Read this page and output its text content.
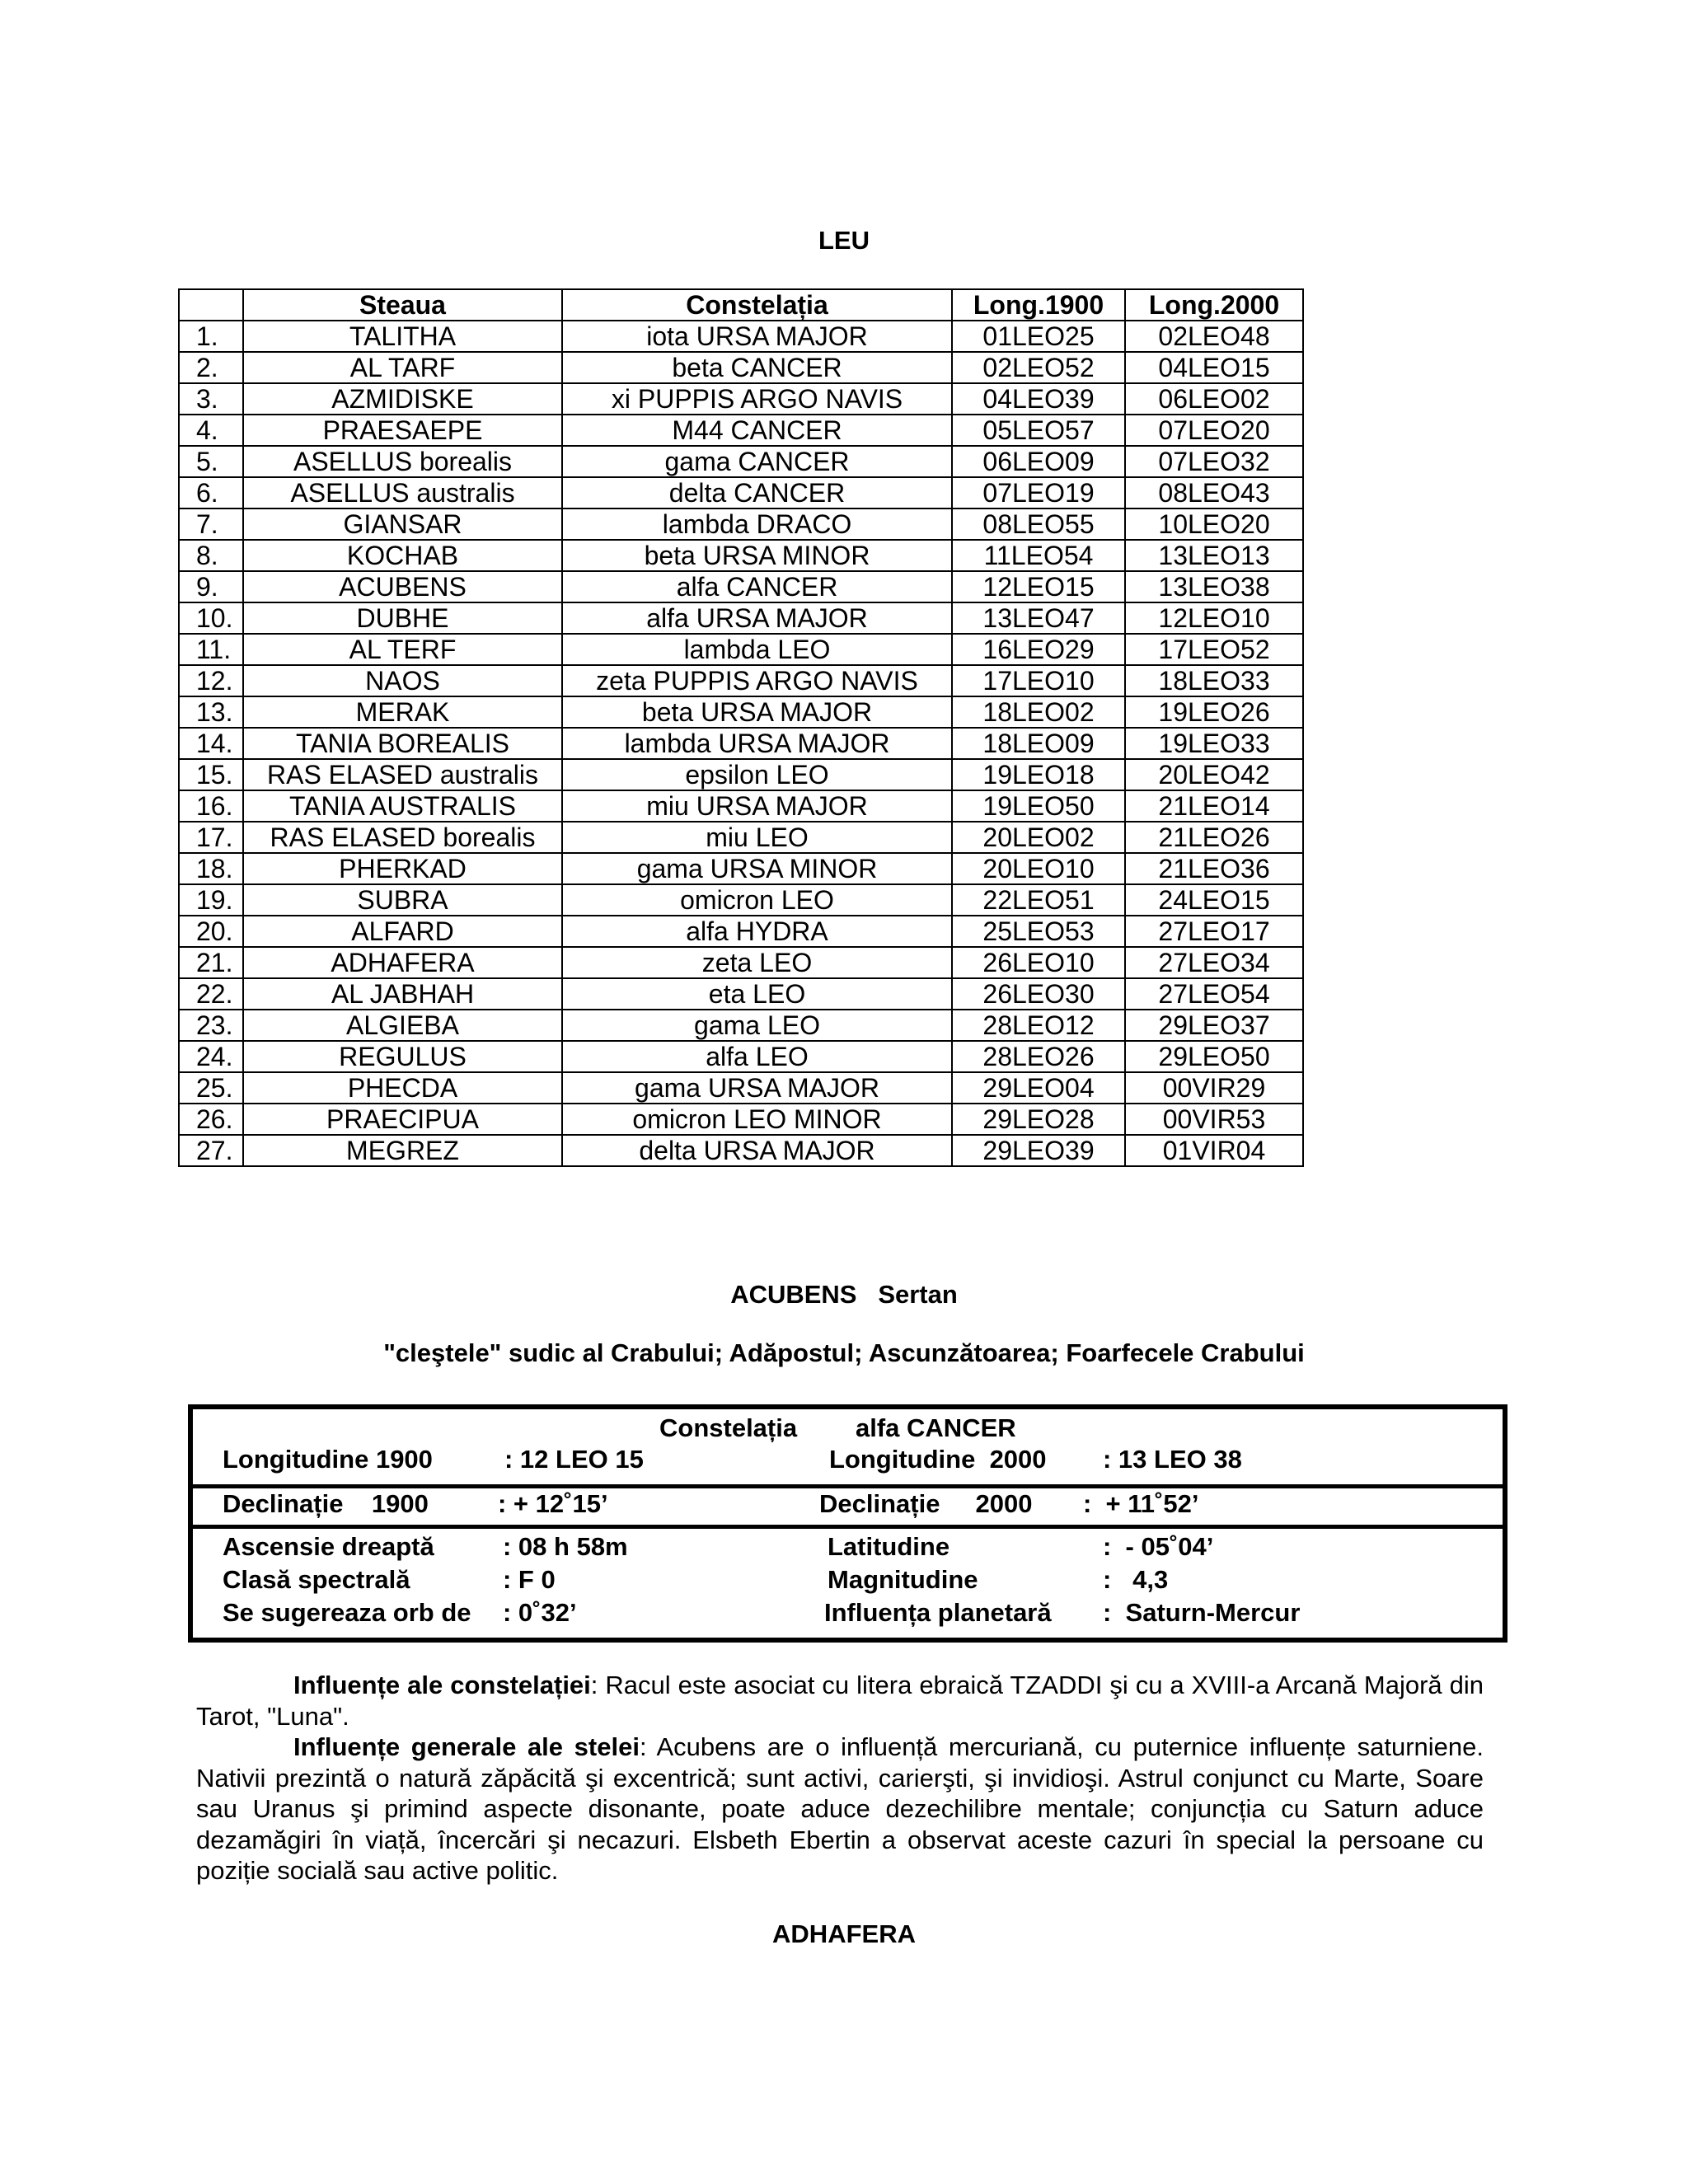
LEU
	Steaua	Constelația	Long.1900	Long.2000
1.	TALITHA	iota URSA MAJOR	01LEO25	02LEO48
2.	AL TARF	beta CANCER	02LEO52	04LEO15
3.	AZMIDISKE	xi PUPPIS ARGO NAVIS	04LEO39	06LEO02
4.	PRAESAEPE	M44 CANCER	05LEO57	07LEO20
5.	ASELLUS borealis	gama CANCER	06LEO09	07LEO32
6.	ASELLUS australis	delta CANCER	07LEO19	08LEO43
7.	GIANSAR	lambda DRACO	08LEO55	10LEO20
8.	KOCHAB	beta URSA MINOR	11LEO54	13LEO13
9.	ACUBENS	alfa CANCER	12LEO15	13LEO38
10.	DUBHE	alfa URSA MAJOR	13LEO47	12LEO10
11.	AL TERF	lambda LEO	16LEO29	17LEO52
12.	NAOS	zeta PUPPIS ARGO NAVIS	17LEO10	18LEO33
13.	MERAK	beta URSA MAJOR	18LEO02	19LEO26
14.	TANIA BOREALIS	lambda URSA MAJOR	18LEO09	19LEO33
15.	RAS ELASED australis	epsilon LEO	19LEO18	20LEO42
16.	TANIA AUSTRALIS	miu URSA MAJOR	19LEO50	21LEO14
17.	RAS ELASED borealis	miu LEO	20LEO02	21LEO26
18.	PHERKAD	gama URSA MINOR	20LEO10	21LEO36
19.	SUBRA	omicron LEO	22LEO51	24LEO15
20.	ALFARD	alfa HYDRA	25LEO53	27LEO17
21.	ADHAFERA	zeta LEO	26LEO10	27LEO34
22.	AL JABHAH	eta LEO	26LEO30	27LEO54
23.	ALGIEBA	gama LEO	28LEO12	29LEO37
24.	REGULUS	alfa LEO	28LEO26	29LEO50
25.	PHECDA	gama URSA MAJOR	29LEO04	00VIR29
26.	PRAECIPUA	omicron LEO MINOR	29LEO28	00VIR53
27.	MEGREZ	delta URSA MAJOR	29LEO39	01VIR04
ACUBENS   Sertan
"cleştele" sudic al Crabului; Adăpostul; Ascunzătoarea; Foarfecele Crabului
Constelația alfa CANCER
Longitudine 1900	: 12 LEO 15	Longitudine  2000 : 13 LEO 38
Declinație    1900	: + 12˚15ʼ	Declinație     2000 :  + 11˚52ʼ
Ascensie dreaptă	: 08 h 58m	Latitudine	:  - 05˚04ʼ
Clasă spectrală	: F 0	Magnitudine	:   4,3
Se sugereaza orb de : 0˚32ʼ	Influența planetară :  Saturn-Mercur

Influențe ale constelației: Racul este asociat cu litera ebraică TZADDI şi cu a XVIII-a Arcană Majoră din Tarot, "Luna".

Influențe generale ale stelei: Acubens are o influență mercuriană, cu puternice influențe saturniene. Nativii prezintă o natură zăpăcită şi excentrică; sunt activi, carierşti, şi invidioşi. Astrul conjunct cu Marte, Soare sau Uranus şi primind aspecte disonante, poate aduce dezechilibre mentale; conjuncția cu Saturn aduce dezamăgiri în viață, încercări şi necazuri. Elsbeth Ebertin a observat aceste cazuri în special la persoane cu poziție socială sau active politic.

ADHAFERA
